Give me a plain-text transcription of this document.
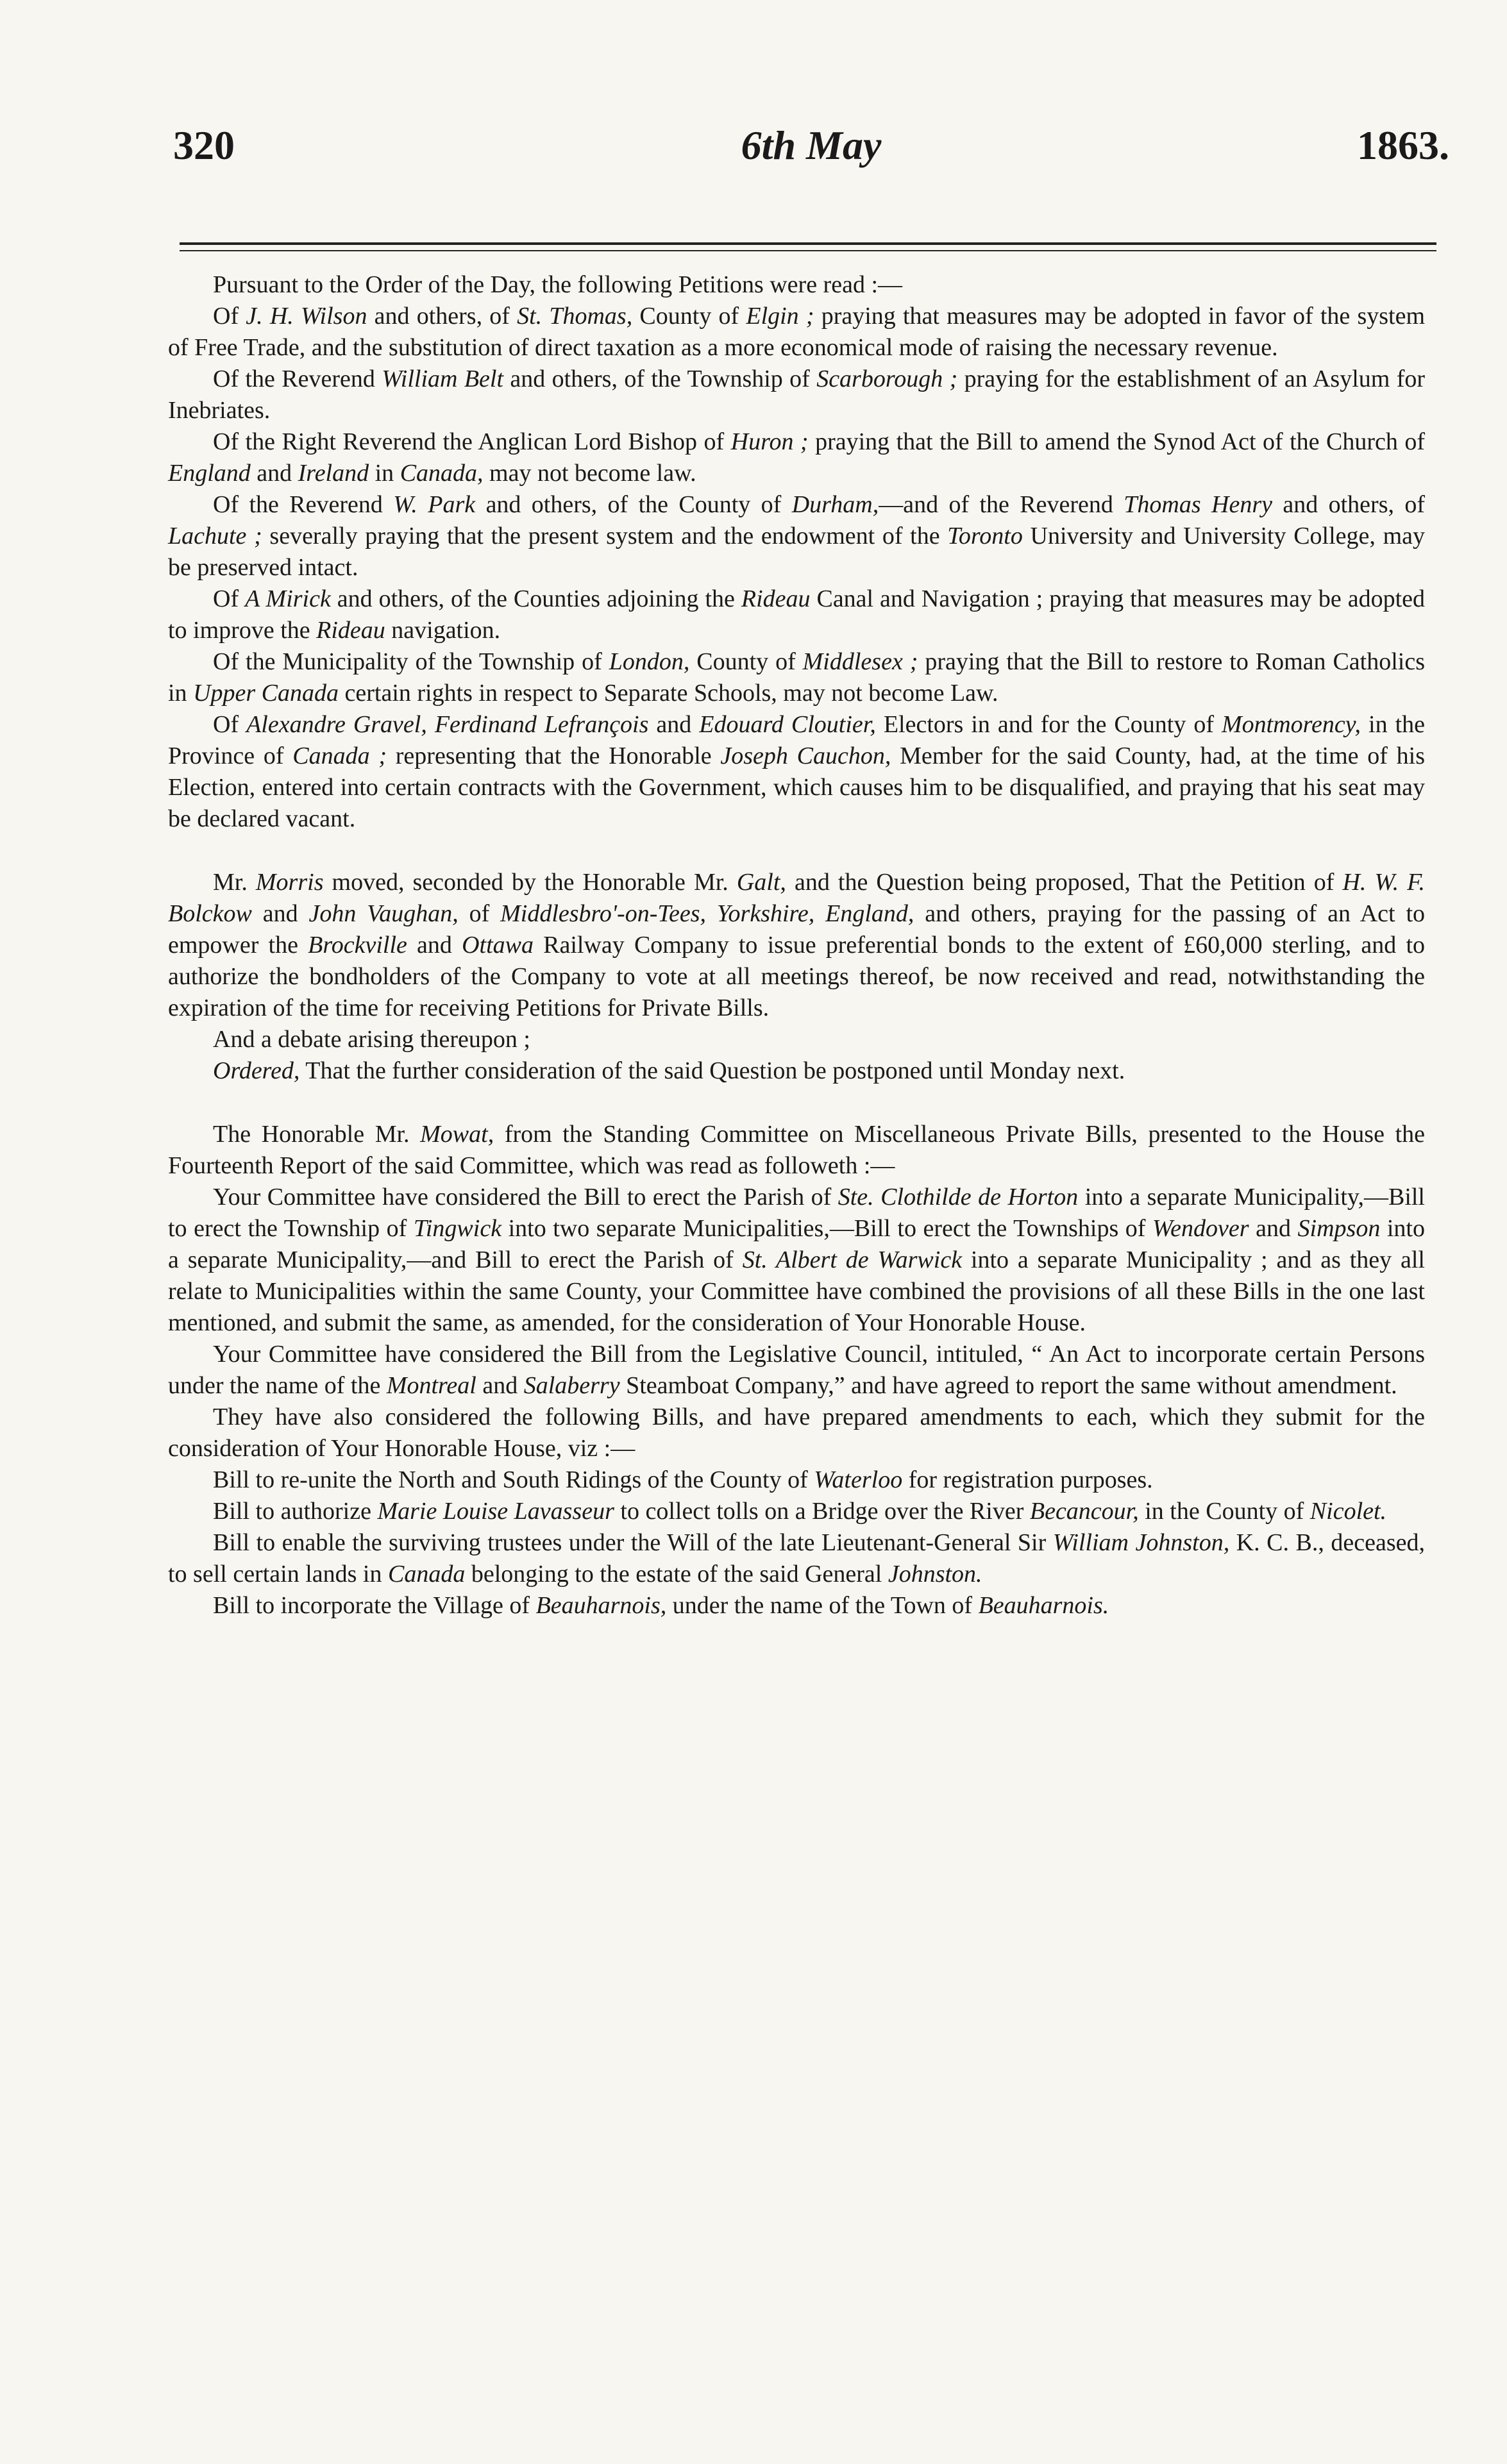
320	6th May	1863.

Pursuant to the Order of the Day, the following Petitions were read :—

Of J. H. Wilson and others, of St. Thomas, County of Elgin ; praying that measures may be adopted in favor of the system of Free Trade, and the substitution of direct taxation as a more economical mode of raising the necessary revenue.

Of the Reverend William Belt and others, of the Township of Scarborough ; praying for the establishment of an Asylum for Inebriates.

Of the Right Reverend the Anglican Lord Bishop of Huron ; praying that the Bill to amend the Synod Act of the Church of England and Ireland in Canada, may not become law.

Of the Reverend W. Park and others, of the County of Durham,—and of the Reverend Thomas Henry and others, of Lachute ; severally praying that the present system and the endowment of the Toronto University and University College, may be preserved intact.

Of A Mirick and others, of the Counties adjoining the Rideau Canal and Navigation ; praying that measures may be adopted to improve the Rideau navigation.

Of the Municipality of the Township of London, County of Middlesex ; praying that the Bill to restore to Roman Catholics in Upper Canada certain rights in respect to Separate Schools, may not become Law.

Of Alexandre Gravel, Ferdinand Lefrançois and Edouard Cloutier, Electors in and for the County of Montmorency, in the Province of Canada ; representing that the Honorable Joseph Cauchon, Member for the said County, had, at the time of his Election, entered into certain contracts with the Government, which causes him to be disqualified, and praying that his seat may be declared vacant.

Mr. Morris moved, seconded by the Honorable Mr. Galt, and the Question being proposed, That the Petition of H. W. F. Bolckow and John Vaughan, of Middlesbro'-on-Tees, Yorkshire, England, and others, praying for the passing of an Act to empower the Brockville and Ottawa Railway Company to issue preferential bonds to the extent of £60,000 sterling, and to authorize the bondholders of the Company to vote at all meetings thereof, be now received and read, notwithstanding the expiration of the time for receiving Petitions for Private Bills.

And a debate arising thereupon ;

Ordered, That the further consideration of the said Question be postponed until Monday next.

The Honorable Mr. Mowat, from the Standing Committee on Miscellaneous Private Bills, presented to the House the Fourteenth Report of the said Committee, which was read as followeth :—

Your Committee have considered the Bill to erect the Parish of Ste. Clothilde de Horton into a separate Municipality,—Bill to erect the Township of Tingwick into two separate Municipalities,—Bill to erect the Townships of Wendover and Simpson into a separate Municipality,—and Bill to erect the Parish of St. Albert de Warwick into a separate Municipality ; and as they all relate to Municipalities within the same County, your Committee have combined the provisions of all these Bills in the one last mentioned, and submit the same, as amended, for the consideration of Your Honorable House.

Your Committee have considered the Bill from the Legislative Council, intituled, “ An Act to incorporate certain Persons under the name of the Montreal and Salaberry Steamboat Company,” and have agreed to report the same without amendment.

They have also considered the following Bills, and have prepared amendments to each, which they submit for the consideration of Your Honorable House, viz :—

Bill to re-unite the North and South Ridings of the County of Waterloo for registration purposes.

Bill to authorize Marie Louise Lavasseur to collect tolls on a Bridge over the River Becancour, in the County of Nicolet.

Bill to enable the surviving trustees under the Will of the late Lieutenant-General Sir William Johnston, K. C. B., deceased, to sell certain lands in Canada belonging to the estate of the said General Johnston.

Bill to incorporate the Village of Beauharnois, under the name of the Town of Beauharnois.
